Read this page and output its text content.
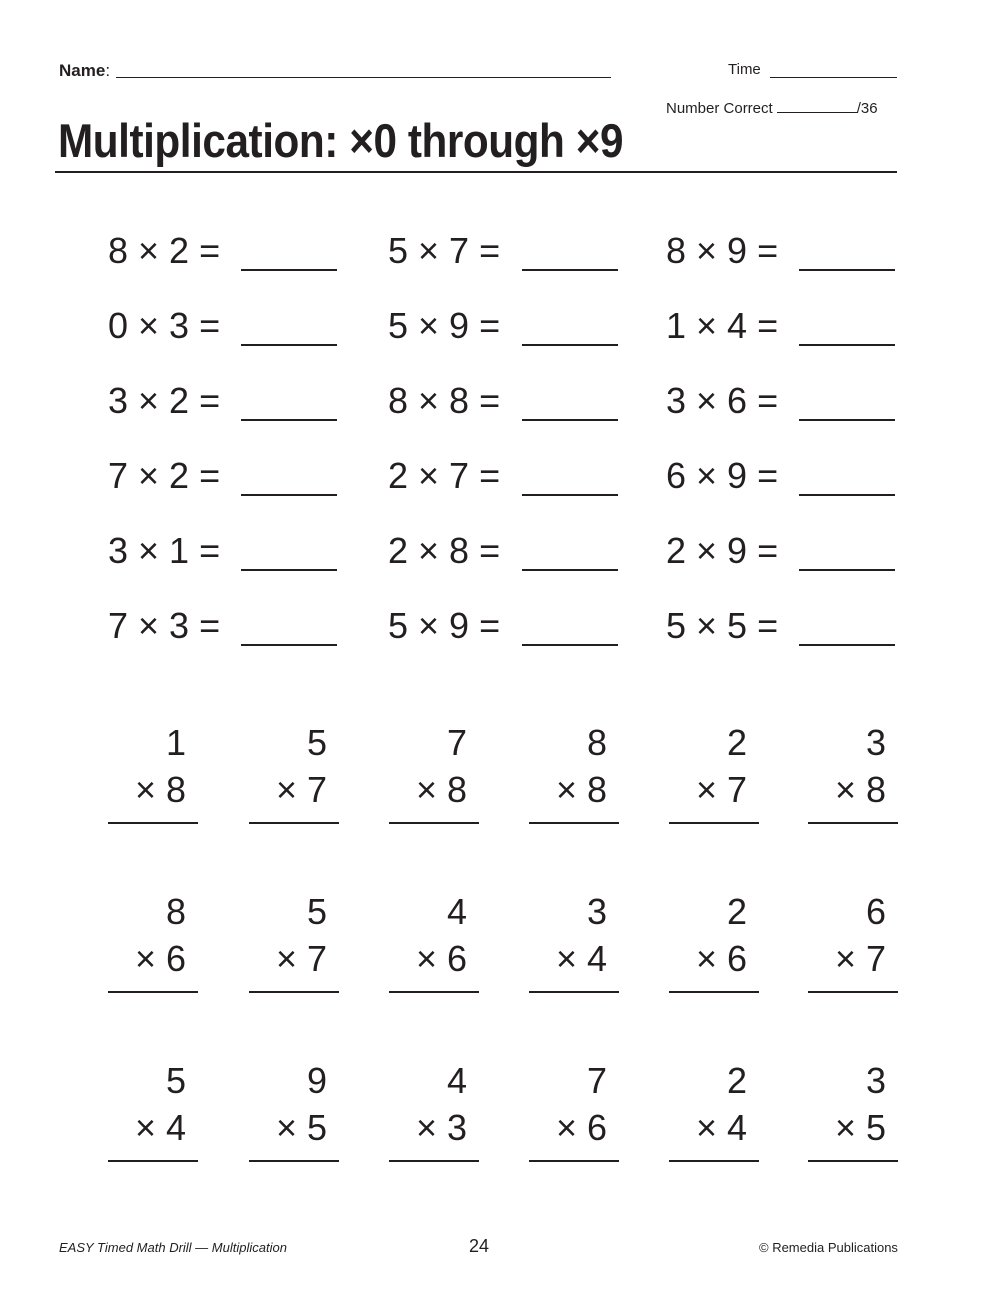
Name:	Time
Number Correct	/36
Multiplication: ×0 through ×9
8 × 2 =
0 × 3 =
3 × 2 =
7 × 2 =
3 × 1 =
7 × 3 =
5 × 7 =
5 × 9 =
8 × 8 =
2 × 7 =
2 × 8 =
5 × 9 =
8 × 9 =
1 × 4 =
3 × 6 =
6 × 9 =
2 × 9 =
5 × 5 =
1
× 8
5
× 7
7
× 8
8
× 8
2
× 7
3
× 8
8
× 6
5
× 7
4
× 6
3
× 4
2
× 6
6
× 7
5
× 4
9
× 5
4
× 3
7
× 6
2
× 4
3
× 5
EASY Timed Math Drill — Multiplication	24	© Remedia Publications
